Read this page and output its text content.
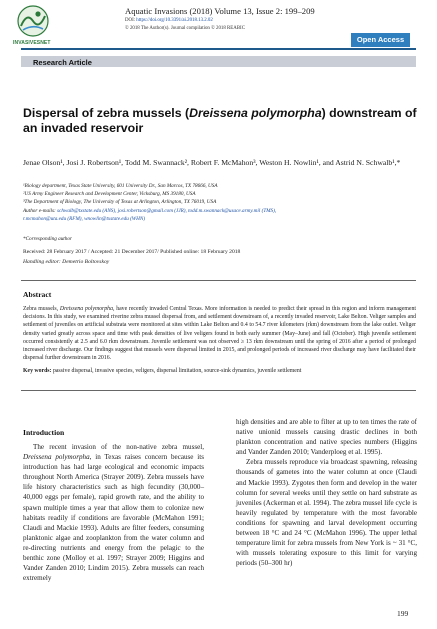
INVASIVESNET
Aquatic Invasions (2018) Volume 13, Issue 2: 199–209
DOI: https://doi.org/10.3391/ai.2018.13.2.02
© 2018 The Author(s). Journal compilation © 2018 REABIC
Open Access
Research Article
Dispersal of zebra mussels (Dreissena polymorpha) downstream of an invaded reservoir
Jenae Olson¹, Josi J. Robertson¹, Todd M. Swannack², Robert F. McMahon³, Weston H. Nowlin¹, and Astrid N. Schwalb¹,*
¹Biology department, Texas State University, 601 University Dr., San Marcos, TX 78666, USA
²US Army Engineer Research and Development Center, Vicksburg, MS 39180, USA
³The Department of Biology, The University of Texas at Arlington, Arlington, TX 76019, USA
Author e-mails: schwalb@txstate.edu (ANS), josi.robertson@gmail.com (JJR), todd.m.swannack@usace.army.mil (TMS),
r.mcmahon@uta.edu (RFM), wnowlin@txstate.edu (WHN)
*Corresponding author
Received: 28 February 2017 / Accepted: 21 December 2017/ Published online: 18 February 2018
Handling editor: Demetrio Boltovskoy
Abstract
Zebra mussels, Dreissena polymorpha, have recently invaded Central Texas. More information is needed to predict their spread in this region and inform management decisions. In this study, we examined riverine zebra mussel dispersal from, and settlement downstream of, a recently invaded reservoir, Lake Belton. Veliger samples and settlement of juveniles on artificial substrata were monitored at sites within Lake Belton and 0.4 to 54.7 river kilometers (rkm) downstream from the lake outlet. Veliger density varied greatly across space and time with peak densities of live veligers found in both early summer (May–June) and fall (October). High juvenile settlement occurred consistently at 2.5 and 6.0 rkm downstream. Juvenile settlement was not observed ≥ 13 rkm downstream until the spring of 2016 after a period of prolonged increased river discharge. Our findings suggest that mussels were dispersal limited in 2015, and prolonged periods of increased river discharge may have facilitated their dispersal further downstream in 2016.
Key words: passive dispersal, invasive species, veligers, dispersal limitation, source-sink dynamics, juvenile settlement
Introduction

The recent invasion of the non-native zebra mussel, Dreissena polymorpha, in Texas raises concern because its introduction has had large ecological and economic impacts throughout North America (Strayer 2009). Zebra mussels have life history characteristics such as high fecundity (30,000–40,000 eggs per female), rapid growth rate, and the ability to spawn multiple times a year that allow them to colonize new habitats readily if conditions are favorable (McMahon 1991; Claudi and Mackie 1993). Adults are filter feeders, consuming planktonic algae and zooplankton from the water column and re-directing nutrients and energy from the pelagic to the benthic zone (Molloy et al. 1997; Strayer 2009; Higgins and Vander Zanden 2010; Lindim 2015). Zebra mussels can reach extremely

high densities and are able to filter at up to ten times the rate of native unionid mussels causing drastic declines in both plankton concentration and native species numbers (Higgins and Vander Zanden 2010; Vanderploeg et al. 1995).

Zebra mussels reproduce via broadcast spawning, releasing thousands of gametes into the water column at once (Claudi and Mackie 1993). Zygotes then form and develop in the water column for several weeks until they settle on hard substrate as juveniles (Ackerman et al. 1994). The zebra mussel life cycle is heavily regulated by temperature with the most favorable conditions for spawning and larval development occurring between 18 °C and 24 °C (McMahon 1996). The upper lethal temperature limit for zebra mussels from New York is ~ 31 °C, with mussels tolerating exposure to this limit for varying periods (50–300 hr)

199
